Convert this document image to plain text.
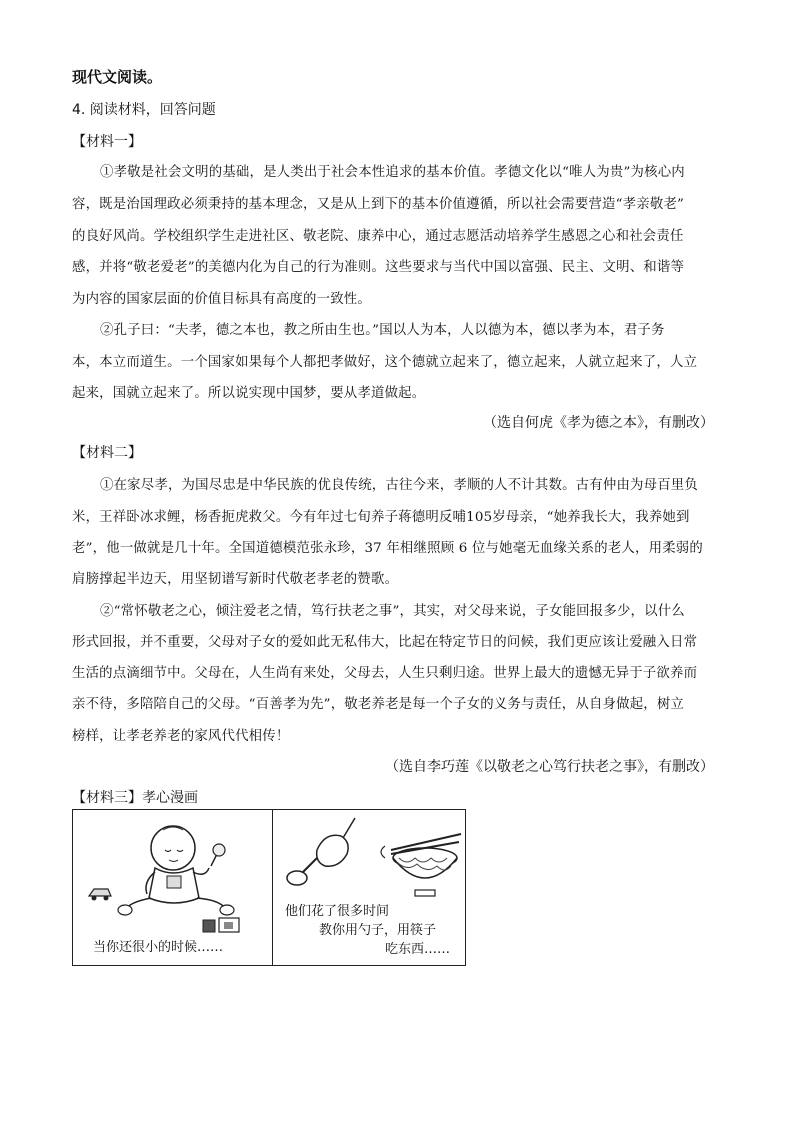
现代文阅读。
4. 阅读材料，回答问题
【材料一】
①孝敬是社会文明的基础，是人类出于社会本性追求的基本价值。孝德文化以“唯人为贵”为核心内
容，既是治国理政必须秉持的基本理念，又是从上到下的基本价值遵循，所以社会需要营造“孝亲敬老”
的良好风尚。学校组织学生走进社区、敬老院、康养中心，通过志愿活动培养学生感恩之心和社会责任
感，并将“敬老爱老”的美德内化为自己的行为准则。这些要求与当代中国以富强、民主、文明、和谐等
为内容的国家层面的价值目标具有高度的一致性。
②孔子曰：“夫孝，德之本也，教之所由生也。”国以人为本，人以德为本，德以孝为本，君子务
本，本立而道生。一个国家如果每个人都把孝做好，这个德就立起来了，德立起来，人就立起来了，人立
起来，国就立起来了。所以说实现中国梦，要从孝道做起。
（选自何虎《孝为德之本》，有删改）
【材料二】
①在家尽孝，为国尽忠是中华民族的优良传统，古往今来，孝顺的人不计其数。古有仲由为母百里负
米，王祥卧冰求鲤，杨香扼虎救父。今有年过七旬养子蒋德明反哺105岁母亲，“她养我长大，我养她到
老”，他一做就是几十年。全国道德模范张永珍，37 年相继照顾 6 位与她毫无血缘关系的老人，用柔弱的
肩膀撑起半边天，用坚韧谱写新时代敬老孝老的赞歌。
②“常怀敬老之心，倾注爱老之情，笃行扶老之事”，其实，对父母来说，子女能回报多少，以什么
形式回报，并不重要，父母对子女的爱如此无私伟大，比起在特定节日的问候，我们更应该让爱融入日常
生活的点滴细节中。父母在，人生尚有来处，父母去，人生只剩归途。世界上最大的遗憾无异于子欲养而
亲不待，多陪陪自己的父母。“百善孝为先”，敬老养老是每一个子女的义务与责任，从自身做起，树立
榜样，让孝老养老的家风代代相传！
（选自李巧莲《以敬老之心笃行扶老之事》，有删改）
【材料三】孝心漫画
当你还很小的时候……
他们花了很多时间
教你用勺子，用筷子
吃东西……
